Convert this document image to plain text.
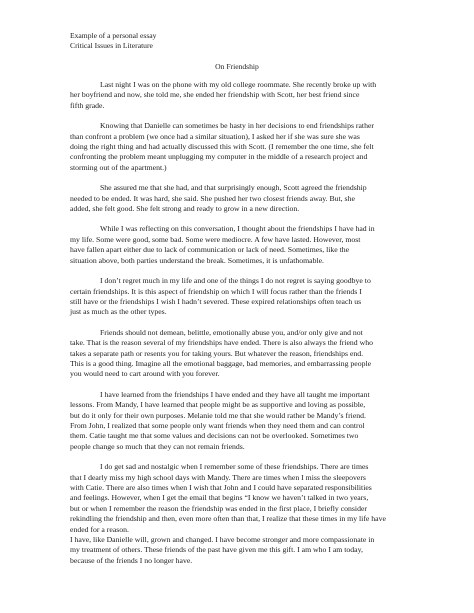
Example of a personal essay
Critical Issues in Literature
On Friendship
Last night I was on the phone with my old college roommate. She recently broke up with
her boyfriend and now, she told me, she ended her friendship with Scott, her best friend since
fifth grade.
Knowing that Danielle can sometimes be hasty in her decisions to end friendships rather
than confront a problem (we once had a similar situation), I asked her if she was sure she was
doing the right thing and had actually discussed this with Scott. (I remember the one time, she felt
confronting the problem meant unplugging my computer in the middle of a research project and
storming out of the apartment.)
She assured me that she had, and that surprisingly enough, Scott agreed the friendship
needed to be ended. It was hard, she said. She pushed her two closest friends away. But, she
added, she felt good. She felt strong and ready to grow in a new direction.
While I was reflecting on this conversation, I thought about the friendships I have had in
my life. Some were good, some bad. Some were mediocre. A few have lasted. However, most
have fallen apart either due to lack of communication or lack of need. Sometimes, like the
situation above, both parties understand the break. Sometimes, it is unfathomable.
I don’t regret much in my life and one of the things I do not regret is saying goodbye to
certain friendships. It is this aspect of friendship on which I will focus rather than the friends I
still have or the friendships I wish I hadn’t severed. These expired relationships often teach us
just as much as the other types.
Friends should not demean, belittle, emotionally abuse you, and/or only give and not
take. That is the reason several of my friendships have ended. There is also always the friend who
takes a separate path or resents you for taking yours. But whatever the reason, friendships end.
This is a good thing. Imagine all the emotional baggage, bad memories, and embarrassing people
you would need to cart around with you forever.
I have learned from the friendships I have ended and they have all taught me important
lessons. From Mandy, I have learned that people might be as supportive and loving as possible,
but do it only for their own purposes. Melanie told me that she would rather be Mandy’s friend.
From John, I realized that some people only want friends when they need them and can control
them. Catie taught me that some values and decisions can not be overlooked. Sometimes two
people change so much that they can not remain friends.
I do get sad and nostalgic when I remember some of these friendships. There are times
that I dearly miss my high school days with Mandy. There are times when I miss the sleepovers
with Catie. There are also times when I wish that John and I could have separated responsibilities
and feelings. However, when I get the email that begins “I know we haven’t talked in two years,
but or when I remember the reason the friendship was ended in the first place, I briefly consider
rekindling the friendship and then, even more often than that, I realize that these times in my life have
ended for a reason.
I have, like Danielle will, grown and changed. I have become stronger and more compassionate in
my treatment of others. These friends of the past have given me this gift. I am who I am today,
because of the friends I no longer have.
